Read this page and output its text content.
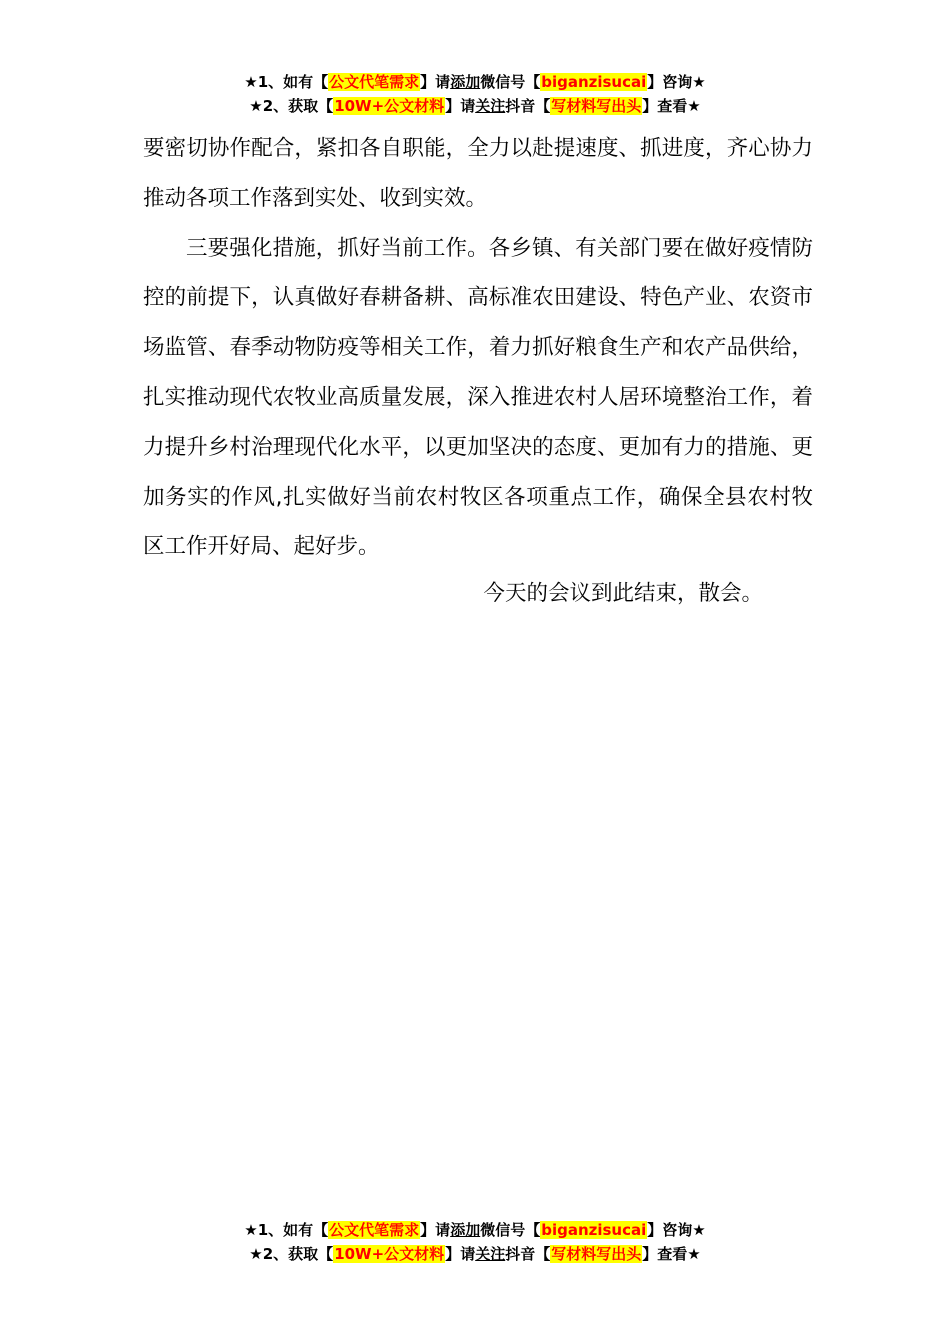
★1、如有【公文代笔需求】请添加微信号【biganzisucai】咨询★
★2、获取【10W+公文材料】请关注抖音【写材料写出头】查看★

要密切协作配合，紧扣各自职能，全力以赴提速度、抓进度，齐心协力推动各项工作落到实处、收到实效。

三要强化措施，抓好当前工作。各乡镇、有关部门要在做好疫情防控的前提下，认真做好春耕备耕、高标准农田建设、特色产业、农资市场监管、春季动物防疫等相关工作，着力抓好粮食生产和农产品供给，扎实推动现代农牧业高质量发展，深入推进农村人居环境整治工作，着力提升乡村治理现代化水平，以更加坚决的态度、更加有力的措施、更加务实的作风,扎实做好当前农村牧区各项重点工作，确保全县农村牧区工作开好局、起好步。

今天的会议到此结束，散会。

★1、如有【公文代笔需求】请添加微信号【biganzisucai】咨询★
★2、获取【10W+公文材料】请关注抖音【写材料写出头】查看★
